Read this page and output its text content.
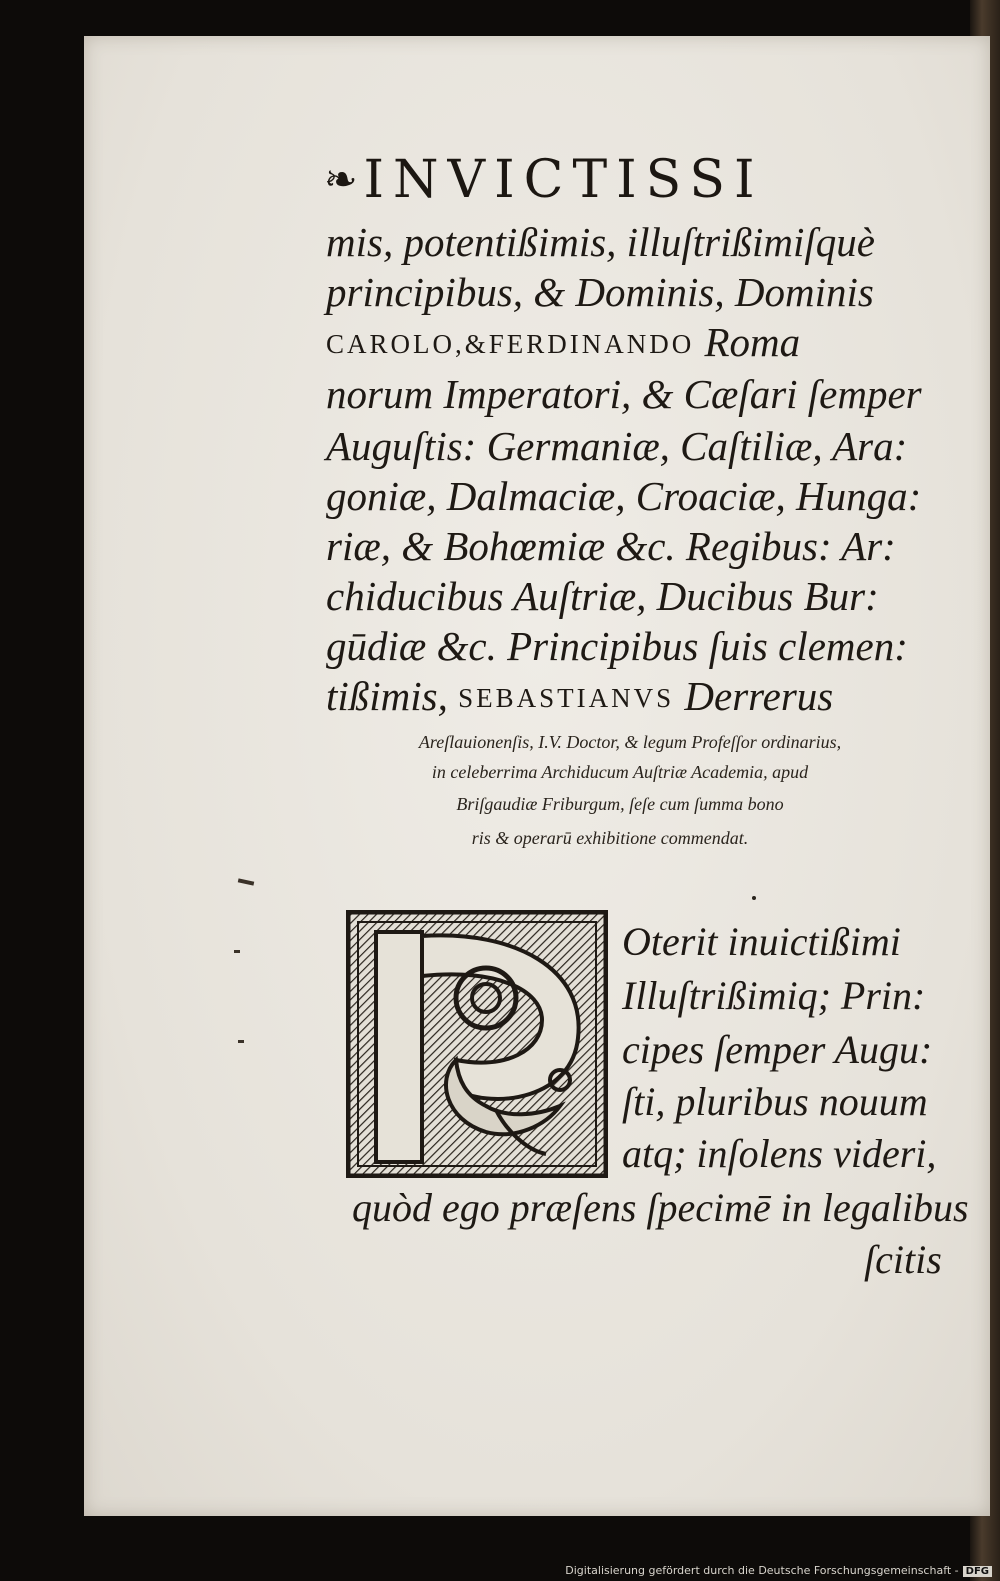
❧ INVICTISSI
mis, potentißimis, illuſtrißimiſquè
principibus, & Dominis, Dominis
CAROLO,&FERDINANDO Roma
norum Imperatori, & Cæſari ſemper
Auguſtis: Germaniæ, Caſtiliæ, Ara:
goniæ, Dalmaciæ, Croaciæ, Hunga:
riæ, & Bohœmiæ &c. Regibus: Ar:
chiducibus Auſtriæ, Ducibus Bur:
gūdiæ &c. Principibus ſuis clemen:
tißimis, SEBASTIANVS Derrerus
Areſlauionenſis, I.V. Doctor, & legum Profeſſor ordinarius,
in celeberrima Archiducum Auſtriæ Academia, apud
Briſgaudiæ Friburgum, ſeſe cum ſumma bono
ris & operarū exhibitione commendat.
Oterit inuictißimi
Illuſtrißimiq; Prin:
cipes ſemper Augu:
ſti, pluribus nouum
atq; inſolens videri,
quòd ego præſens ſpecimē in legalibus
ſcitis
Digitalisierung gefördert durch die Deutsche Forschungsgemeinschaft - DFG
